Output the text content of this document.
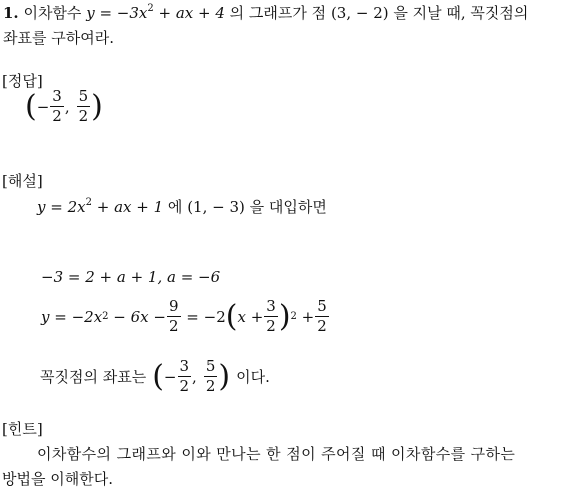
1. 이차함수 $y = -3x^2$ + ax + 4 의 그래프가 점 (3, − 2) 을 지날 때, 꼭짓점의
좌표를 구하여라.
[정답]
( − $\frac{3}{2}$ , $\frac{5}{2}$ )
[해설]
$y = 2x^2$ + ax + 1 에 (1, − 3) 을 대입하면
−3 = 2 + a + 1, a = −6
y = −2x $2 - 6x - \frac{9}{2} = -2$ ( $x + \frac{3}{2}$ ) $2 + \frac{5}{2}$
꼭짓점의 좌표는 ( − $\frac{3}{2}$ , $\frac{5}{2}$ ) 이다.
[힌트]
이차함수의 그래프와 이와 만나는 한 점이 주어질 때 이차함수를 구하는
방법을 이해한다.
